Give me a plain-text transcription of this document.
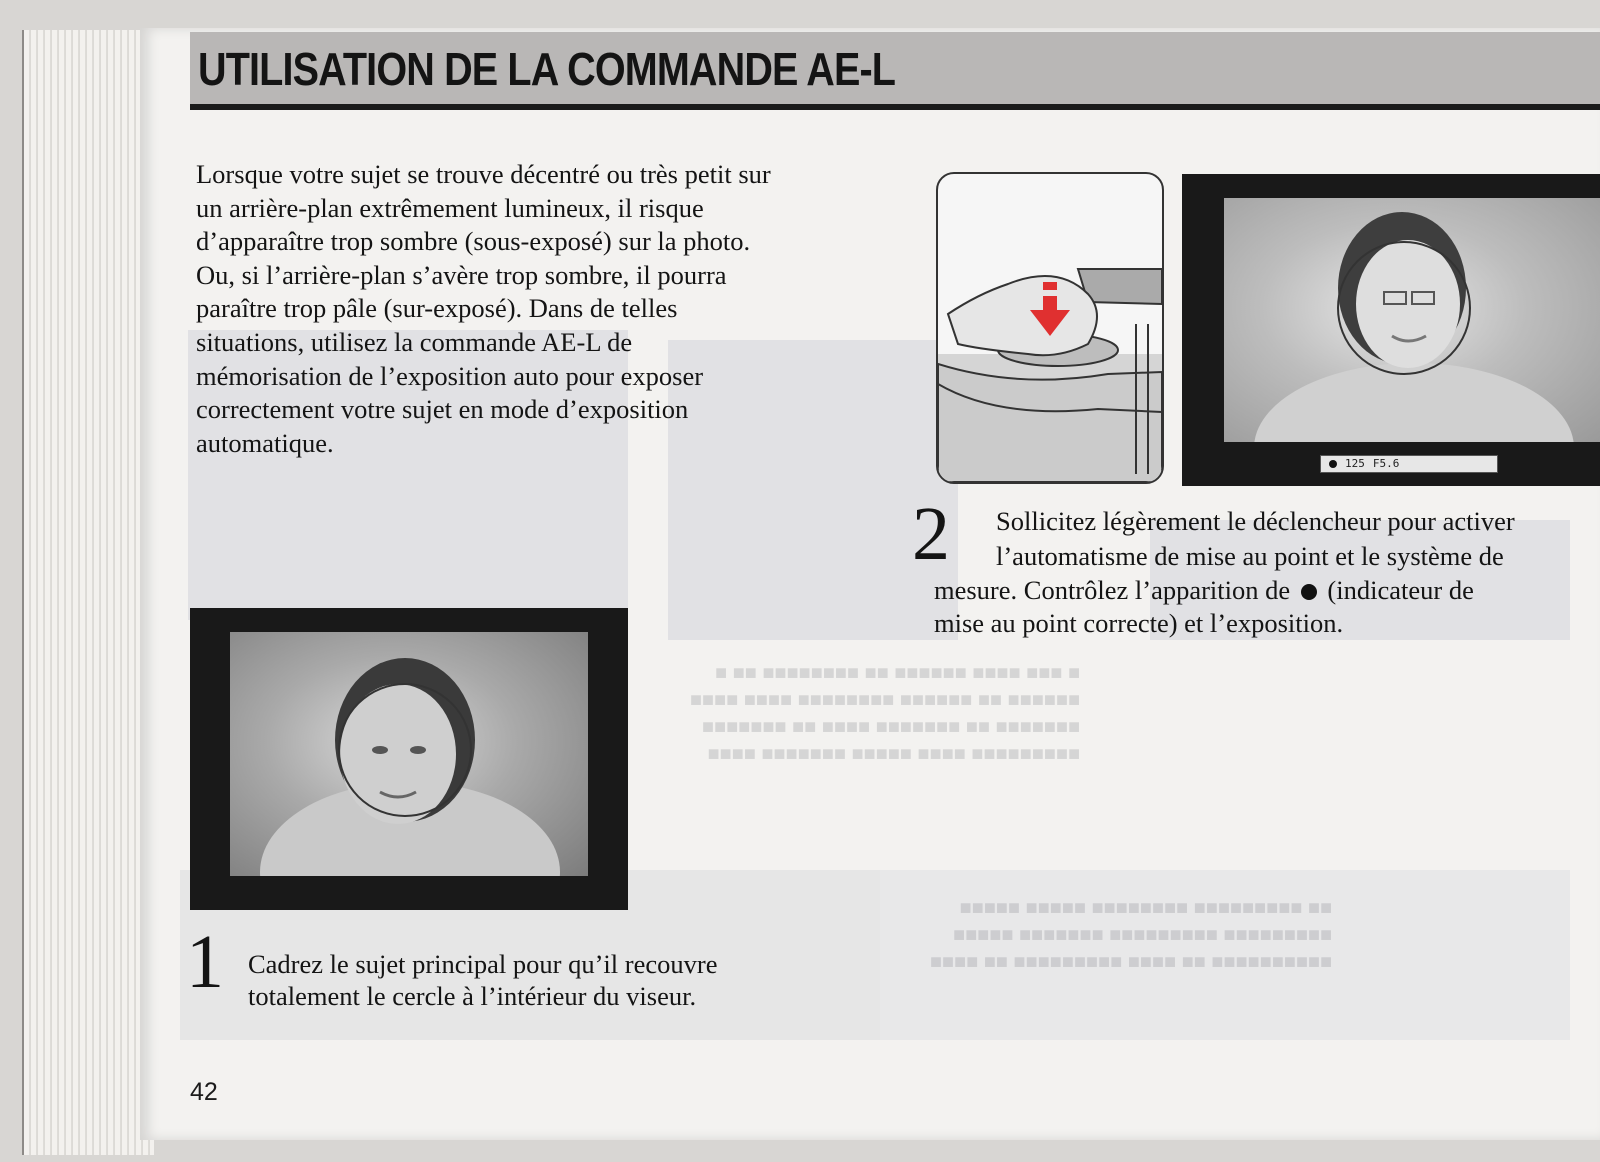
■ ■■■ ■■■■ ■■■■■■ ■■ ■■■■■■■■ ■■ ■
■■■■■■ ■■ ■■■■■■ ■■■■■■■■ ■■■■ ■■■■
■■■■■■■ ■■ ■■■■■■■ ■■■■ ■■ ■■■■■■■
■■■■■■■■■ ■■■■ ■■■■■ ■■■■■■■ ■■■■
■■ ■■■■■■■■■ ■■■■■■■■ ■■■■■ ■■■■■
■■■■■■■■■ ■■■■■■■■■ ■■■■■■■ ■■■■■
■■■■■■■■■■ ■■ ■■■■ ■■■■■■■■■ ■■ ■■■■
UTILISATION DE LA COMMANDE AE-L
Lorsque votre sujet se trouve décentré ou très petit sur
un arrière-plan extrêmement lumineux, il risque
d’apparaître trop sombre (sous-exposé) sur la photo.
Ou, si l’arrière-plan s’avère trop sombre, il pourra
paraître trop pâle (sur-exposé). Dans de telles
situations, utilisez la commande AE-L de
mémorisation de l’exposition auto pour exposer
correctement votre sujet en mode d’exposition
automatique.
1 Cadrez le sujet principal pour qu’il recouvre
totalement le cercle à l’intérieur du viseur.
125 F5.6
2 Sollicitez légèrement le déclencheur pour activer
l’automatisme de mise au point et le système de
mesure. Contrôlez l’apparition de (indicateur de
mise au point correcte) et l’exposition.
42
